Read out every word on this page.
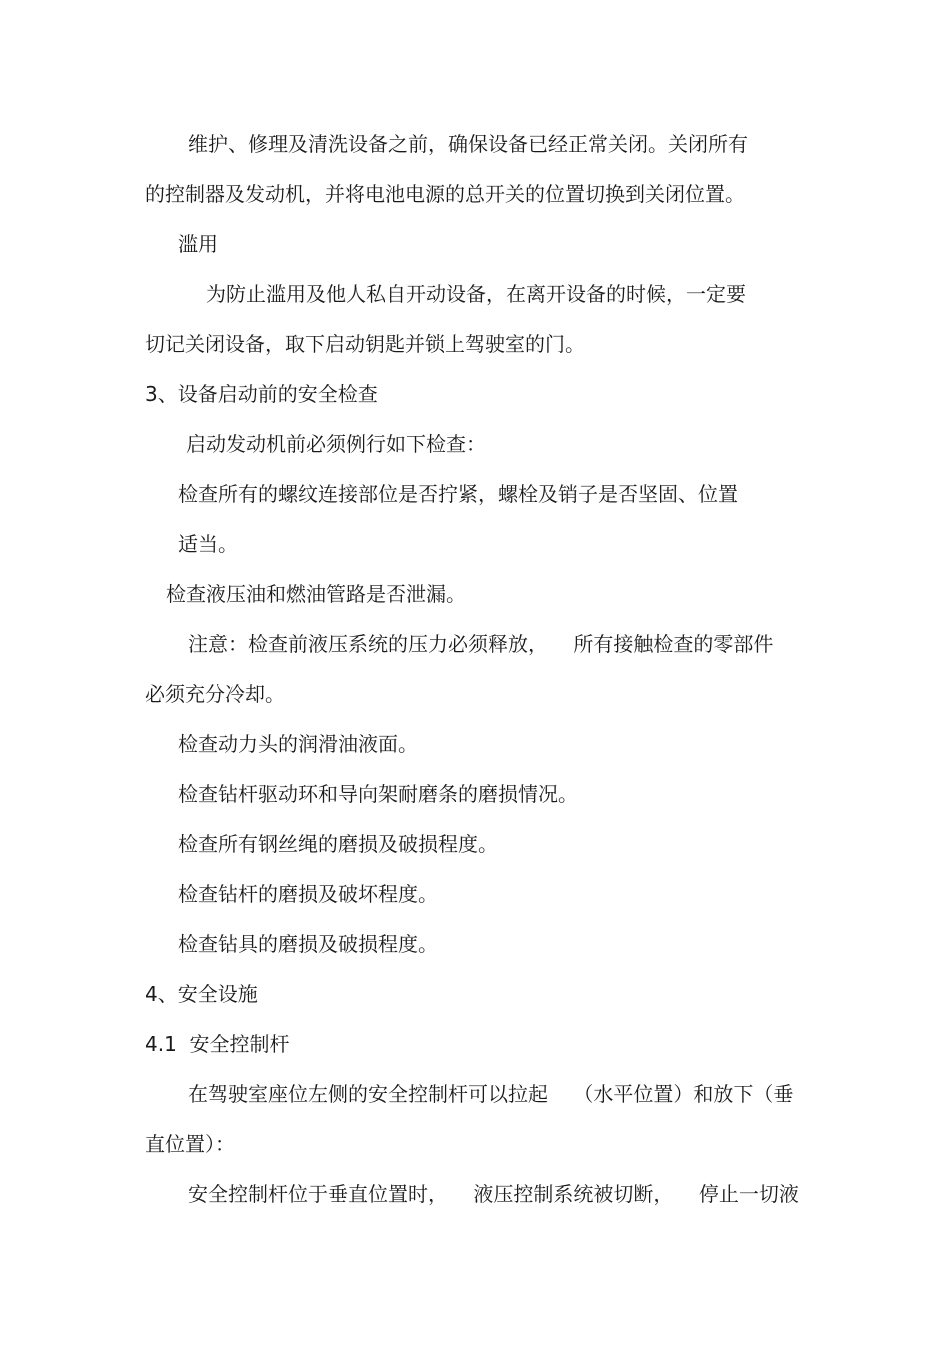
维护、修理及清洗设备之前，确保设备已经正常关闭。关闭所有

的控制器及发动机，并将电池电源的总开关的位置切换到关闭位置。

滥用

为防止滥用及他人私自开动设备，在离开设备的时候，一定要

切记关闭设备，取下启动钥匙并锁上驾驶室的门。

3、设备启动前的安全检查

启动发动机前必须例行如下检查：

检查所有的螺纹连接部位是否拧紧，螺栓及销子是否坚固、位置

适当。

检查液压油和燃油管路是否泄漏。

注意：检查前液压系统的压力必须释放，    所有接触检查的零部件

必须充分冷却。

检查动力头的润滑油液面。

检查钻杆驱动环和导向架耐磨条的磨损情况。

检查所有钢丝绳的磨损及破损程度。

检查钻杆的磨损及破坏程度。

检查钻具的磨损及破损程度。

4、安全设施

4.1  安全控制杆

在驾驶室座位左侧的安全控制杆可以拉起    （水平位置）和放下（垂

直位置）：

安全控制杆位于垂直位置时，    液压控制系统被切断，    停止一切液
